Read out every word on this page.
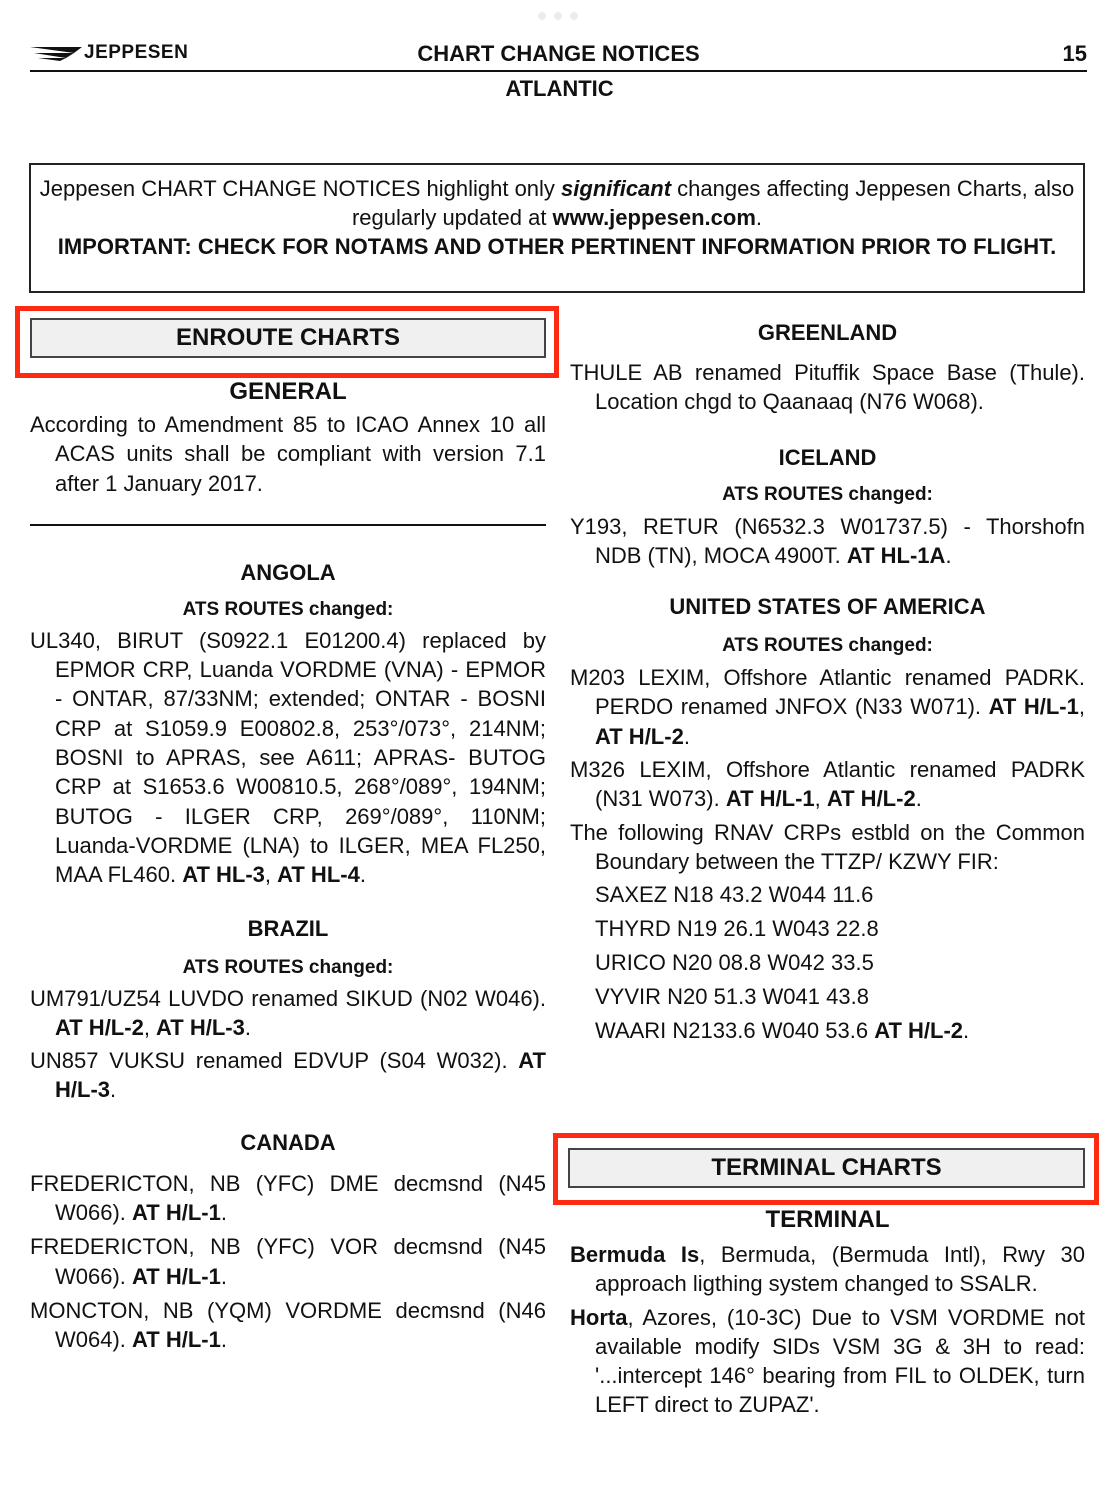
JEPPESEN	CHART CHANGE NOTICES	15
ATLANTIC
Jeppesen CHART CHANGE NOTICES highlight only significant changes affecting Jeppesen Charts, also regularly updated at www.jeppesen.com.
IMPORTANT: CHECK FOR NOTAMS AND OTHER PERTINENT INFORMATION PRIOR TO FLIGHT.
ENROUTE CHARTS
GENERAL

According to Amendment 85 to ICAO Annex 10 all ACAS units shall be compliant with version 7.1 after 1 January 2017.

ANGOLA
ATS ROUTES changed:

UL340, BIRUT (S0922.1 E01200.4) replaced by EPMOR CRP, Luanda VORDME (VNA) - EPMOR - ONTAR, 87/33NM; extended; ONTAR - BOSNI CRP at S1059.9 E00802.8, 253°/073°, 214NM; BOSNI to APRAS, see A611; APRAS- BUTOG CRP at S1653.6 W00810.5, 268°/089°, 194NM; BUTOG - ILGER CRP, 269°/089°, 110NM; Luanda-VORDME (LNA) to ILGER, MEA FL250, MAA FL460. AT HL-3, AT HL-4.

BRAZIL
ATS ROUTES changed:

UM791/UZ54 LUVDO renamed SIKUD (N02 W046). AT H/L-2, AT H/L-3.

UN857 VUKSU renamed EDVUP (S04 W032). AT H/L-3.

CANADA

FREDERICTON, NB (YFC) DME decmsnd (N45 W066). AT H/L-1.

FREDERICTON, NB (YFC) VOR decmsnd (N45 W066). AT H/L-1.

MONCTON, NB (YQM) VORDME decmsnd (N46 W064). AT H/L-1.

GREENLAND

THULE AB renamed Pituffik Space Base (Thule). Location chgd to Qaanaaq (N76 W068).

ICELAND
ATS ROUTES changed:

Y193, RETUR (N6532.3 W01737.5) - Thorshofn NDB (TN), MOCA 4900T. AT HL-1A.

UNITED STATES OF AMERICA
ATS ROUTES changed:

M203 LEXIM, Offshore Atlantic renamed PADRK. PERDO renamed JNFOX (N33 W071). AT H/L-1, AT H/L-2.

M326 LEXIM, Offshore Atlantic renamed PADRK (N31 W073). AT H/L-1, AT H/L-2.

The following RNAV CRPs estbld on the Common Boundary between the TTZP/ KZWY FIR:

SAXEZ N18 43.2 W044 11.6

THYRD N19 26.1 W043 22.8

URICO N20 08.8 W042 33.5

VYVIR N20 51.3 W041 43.8

WAARI N2133.6 W040 53.6 AT H/L-2.

TERMINAL CHARTS
TERMINAL

Bermuda Is, Bermuda, (Bermuda Intl), Rwy 30 approach ligthing system changed to SSALR.

Horta, Azores, (10-3C) Due to VSM VORDME not available modify SIDs VSM 3G & 3H to read: '...intercept 146° bearing from FIL to OLDEK, turn LEFT direct to ZUPAZ'.
